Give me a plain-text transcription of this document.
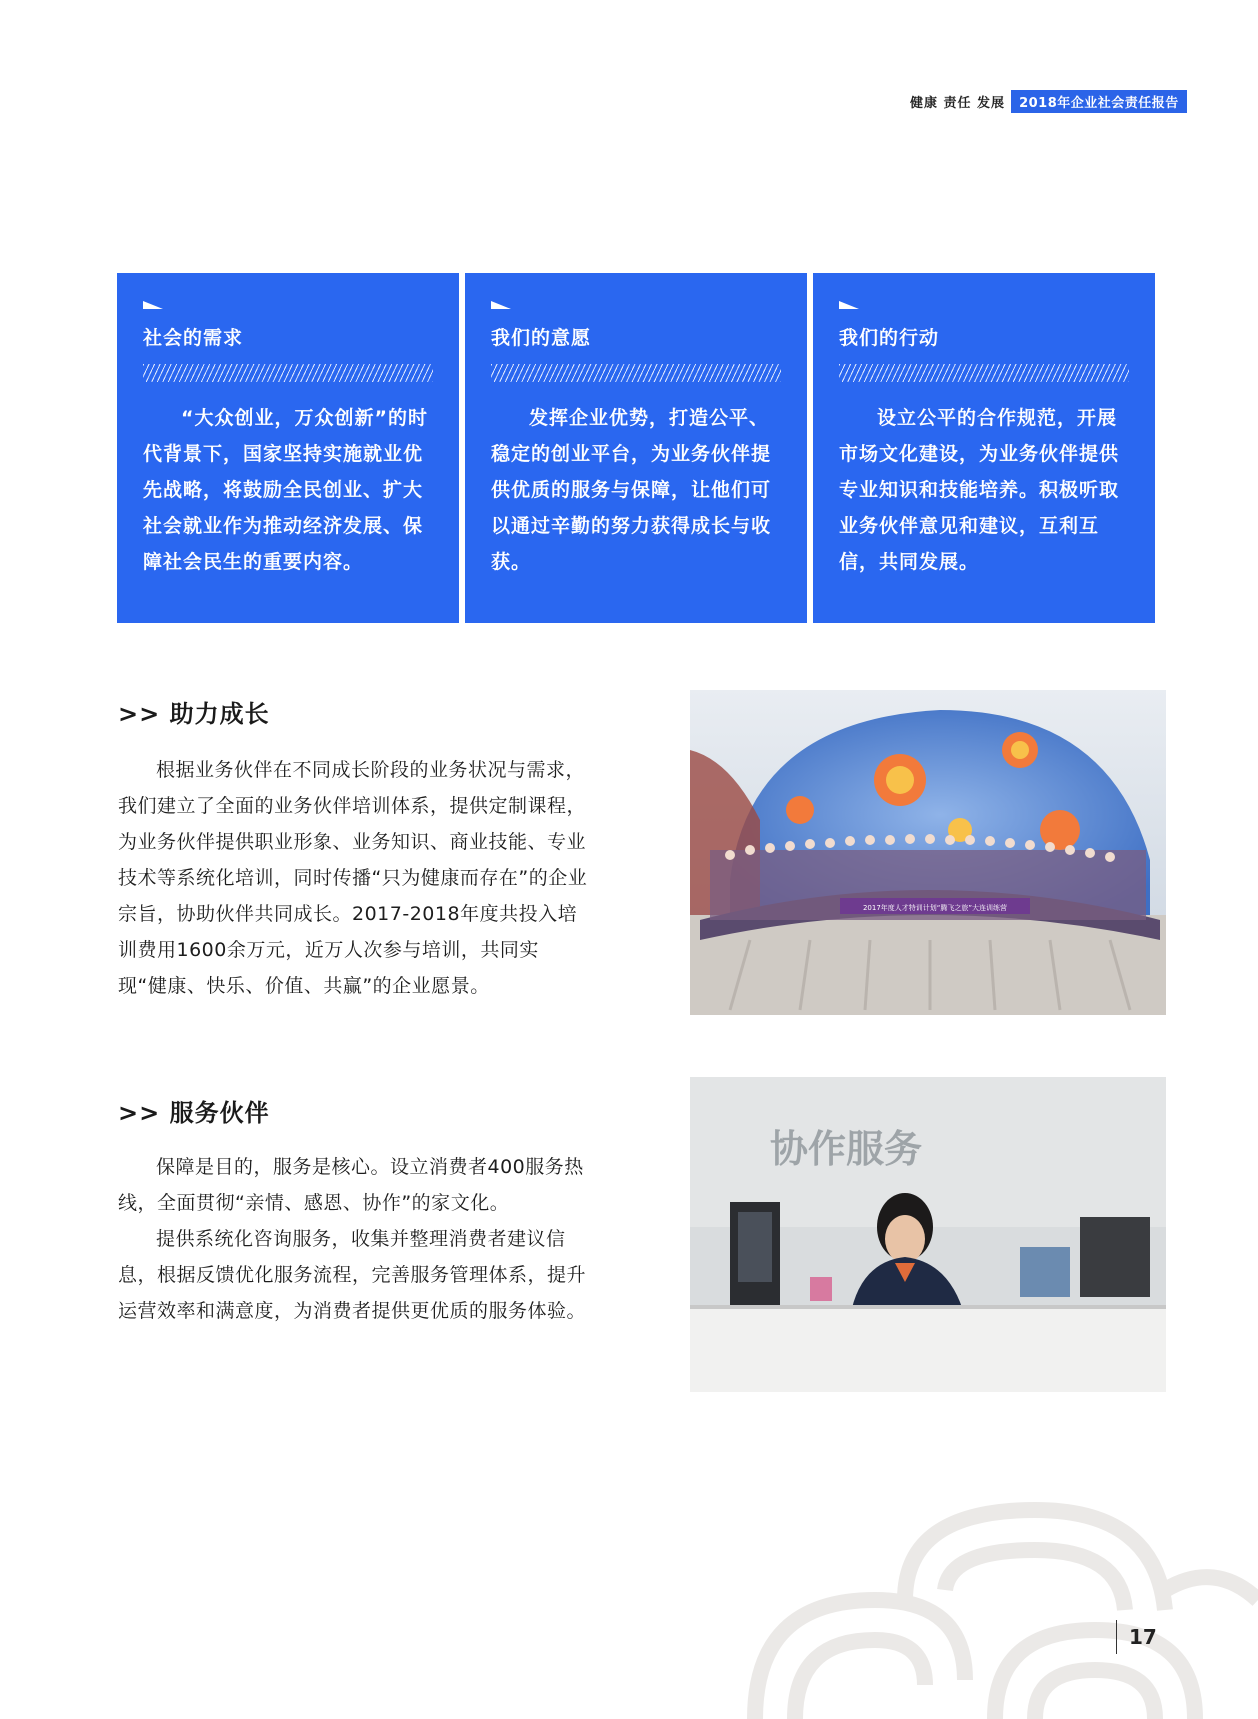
健康 责任 发展	2018年企业社会责任报告
社会的需求

“大众创业，万众创新”的时代背景下，国家坚持实施就业优先战略，将鼓励全民创业、扩大社会就业作为推动经济发展、保障社会民生的重要内容。

我们的意愿

发挥企业优势，打造公平、稳定的创业平台，为业务伙伴提供优质的服务与保障，让他们可以通过辛勤的努力获得成长与收获。

我们的行动

设立公平的合作规范，开展市场文化建设，为业务伙伴提供专业知识和技能培养。积极听取业务伙伴意见和建议，互利互信，共同发展。

>> 助力成长

根据业务伙伴在不同成长阶段的业务状况与需求，我们建立了全面的业务伙伴培训体系，提供定制课程，为业务伙伴提供职业形象、业务知识、商业技能、专业技术等系统化培训，同时传播“只为健康而存在”的企业宗旨，协助伙伴共同成长。2017-2018年度共投入培训费用1600余万元，近万人次参与培训，共同实现“健康、快乐、价值、共赢”的企业愿景。

2017年度人才特训计划“腾飞之旅”大连训练营
>> 服务伙伴

保障是目的，服务是核心。设立消费者400服务热线，全面贯彻“亲情、感恩、协作”的家文化。

提供系统化咨询服务，收集并整理消费者建议信息，根据反馈优化服务流程，完善服务管理体系，提升运营效率和满意度，为消费者提供更优质的服务体验。

协作服务
17
